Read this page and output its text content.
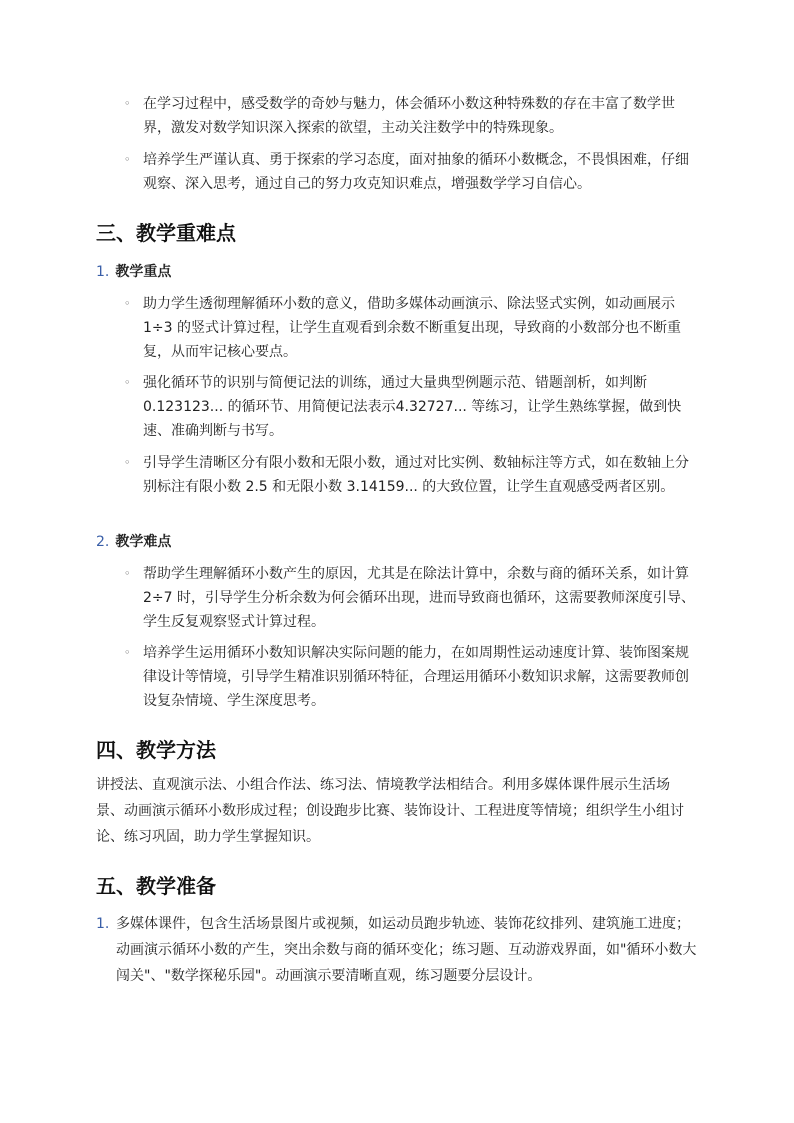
◦ 在学习过程中，感受数学的奇妙与魅力，体会循环小数这种特殊数的存在丰富了数学世界，激发对数学知识深入探索的欲望，主动关注数学中的特殊现象。
◦ 培养学生严谨认真、勇于探索的学习态度，面对抽象的循环小数概念，不畏惧困难，仔细观察、深入思考，通过自己的努力攻克知识难点，增强数学学习自信心。
三、教学重难点
1. 教学重点
◦ 助力学生透彻理解循环小数的意义，借助多媒体动画演示、除法竖式实例，如动画展示 1÷3 的竖式计算过程，让学生直观看到余数不断重复出现，导致商的小数部分也不断重复，从而牢记核心要点。
◦ 强化循环节的识别与简便记法的训练，通过大量典型例题示范、错题剖析，如判断 0.123123... 的循环节、用简便记法表示4.32727... 等练习，让学生熟练掌握，做到快速、准确判断与书写。
◦ 引导学生清晰区分有限小数和无限小数，通过对比实例、数轴标注等方式，如在数轴上分别标注有限小数 2.5 和无限小数 3.14159... 的大致位置，让学生直观感受两者区别。
2. 教学难点
◦ 帮助学生理解循环小数产生的原因，尤其是在除法计算中，余数与商的循环关系，如计算 2÷7 时，引导学生分析余数为何会循环出现，进而导致商也循环，这需要教师深度引导、学生反复观察竖式计算过程。
◦ 培养学生运用循环小数知识解决实际问题的能力，在如周期性运动速度计算、装饰图案规律设计等情境，引导学生精准识别循环特征，合理运用循环小数知识求解，这需要教师创设复杂情境、学生深度思考。
四、教学方法
讲授法、直观演示法、小组合作法、练习法、情境教学法相结合。利用多媒体课件展示生活场景、动画演示循环小数形成过程；创设跑步比赛、装饰设计、工程进度等情境；组织学生小组讨论、练习巩固，助力学生掌握知识。
五、教学准备
1. 多媒体课件，包含生活场景图片或视频，如运动员跑步轨迹、装饰花纹排列、建筑施工进度；动画演示循环小数的产生，突出余数与商的循环变化；练习题、互动游戏界面，如"循环小数大闯关"、"数学探秘乐园"。动画演示要清晰直观，练习题要分层设计。
